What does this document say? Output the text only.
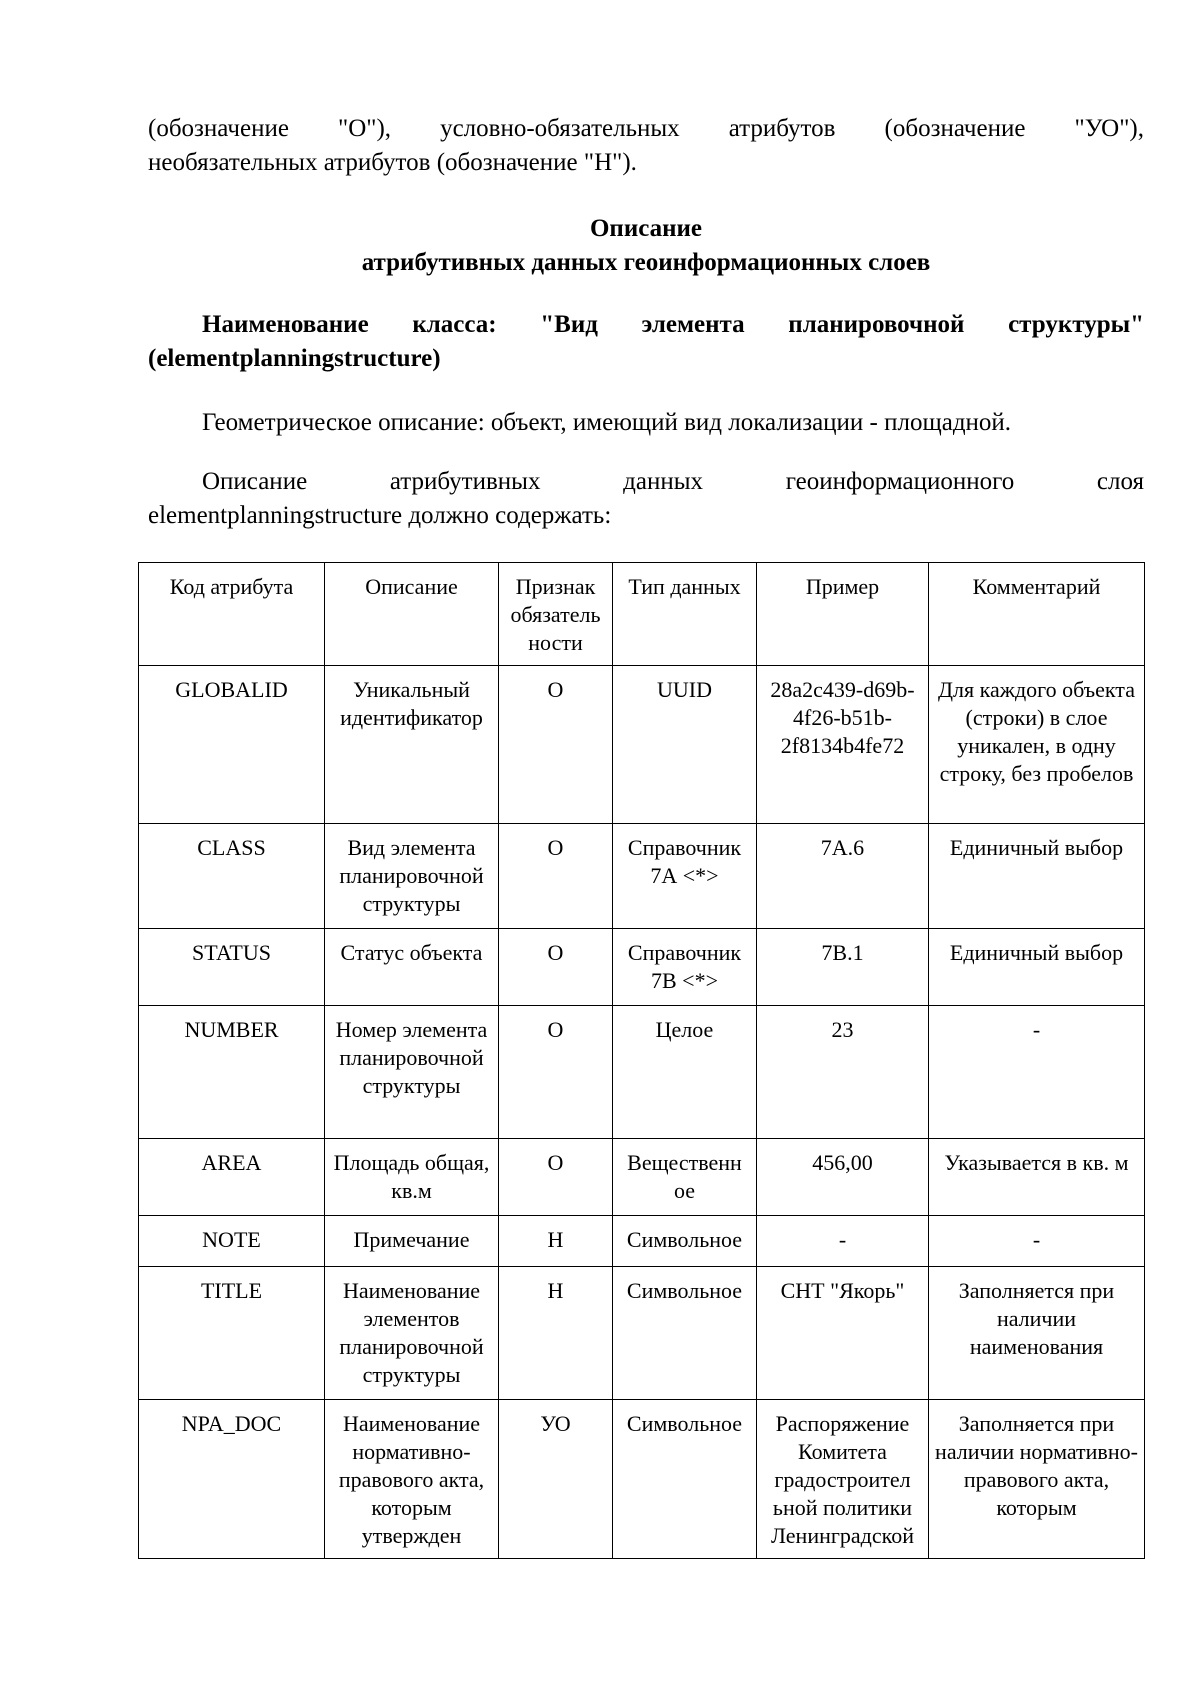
(обозначение "О"), условно-обязательных атрибутов (обозначение "УО"),
необязательных атрибутов (обозначение "Н").
Описание
атрибутивных данных геоинформационных слоев
Наименование класса: "Вид элемента планировочной структуры"
(elementplanningstructure)
Геометрическое описание: объект, имеющий вид локализации - площадной.
Описание атрибутивных данных геоинформационного слоя
elementplanningstructure должно содержать:
Код атрибута	Описание	Признак обязатель ности	Тип данных	Пример	Комментарий
GLOBALID	Уникальный идентификатор	О	UUID	28a2c439-d69b-4f26-b51b-2f8134b4fe72	Для каждого объекта (строки) в слое уникален, в одну строку, без пробелов
CLASS	Вид элемента планировочной структуры	О	Справочник 7А <*>	7А.6	Единичный выбор
STATUS	Статус объекта	О	Справочник 7В <*>	7В.1	Единичный выбор
NUMBER	Номер элемента планировочной структуры	О	Целое	23	-
AREA	Площадь общая, кв.м	О	Вещественн ое	456,00	Указывается в кв. м
NOTE	Примечание	Н	Символьное	-	-
TITLE	Наименование элементов планировочной структуры	Н	Символьное	СНТ "Якорь"	Заполняется при наличии наименования
NPA_DOC	Наименование нормативно-правового акта, которым утвержден	УО	Символьное	Распоряжение Комитета градостроител ьной политики Ленинградской	Заполняется при наличии нормативно-правового акта, которым
